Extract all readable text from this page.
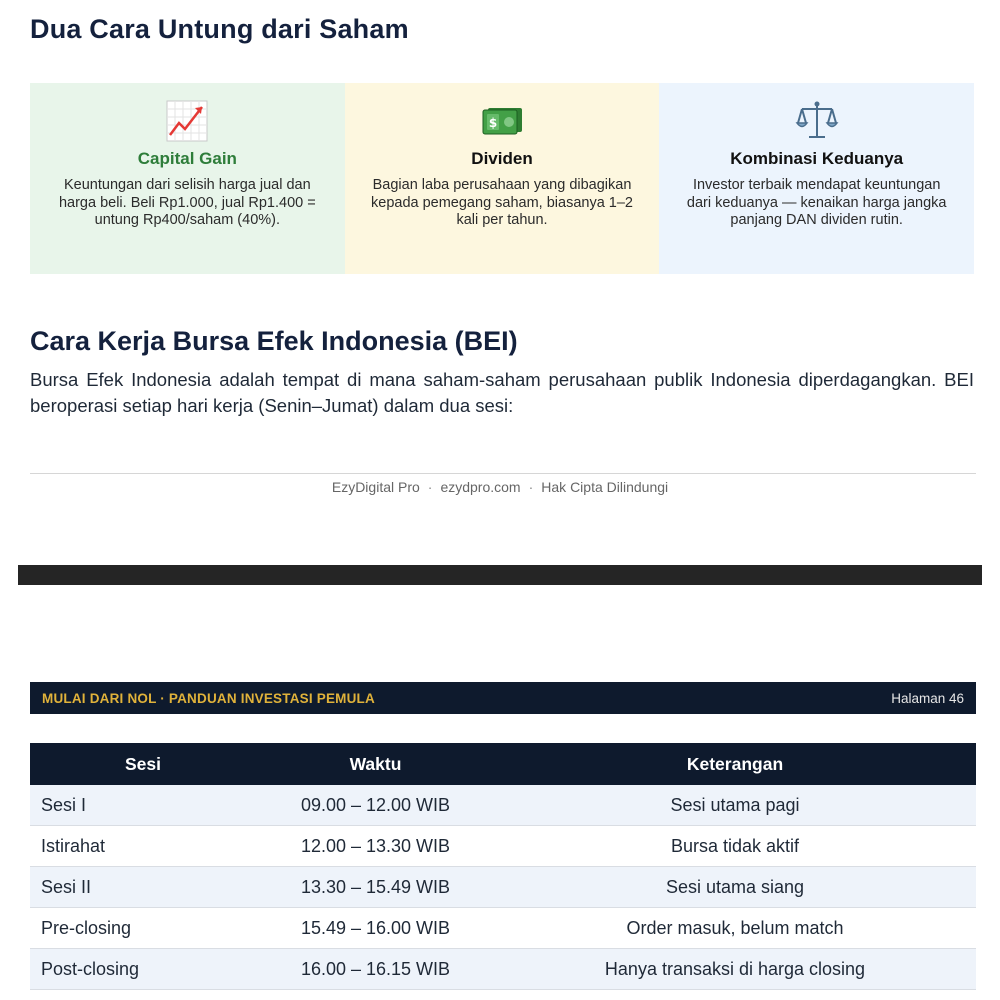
Dua Cara Untung dari Saham
Capital Gain
Keuntungan dari selisih harga jual dan harga beli. Beli Rp1.000, jual Rp1.400 = untung Rp400/saham (40%).
$
Dividen
Bagian laba perusahaan yang dibagikan kepada pemegang saham, biasanya 1–2 kali per tahun.
Kombinasi Keduanya
Investor terbaik mendapat keuntungan dari keduanya — kenaikan harga jangka panjang DAN dividen rutin.
Cara Kerja Bursa Efek Indonesia (BEI)

Bursa Efek Indonesia adalah tempat di mana saham-saham perusahaan publik Indonesia diperdagangkan. BEI beroperasi setiap hari kerja (Senin–Jumat) dalam dua sesi:

EzyDigital Pro · ezydpro.com · Hak Cipta Dilindungi
MULAI DARI NOL · PANDUAN INVESTASI PEMULA	Halaman 46
Sesi	Waktu	Keterangan
Sesi I	09.00 – 12.00 WIB	Sesi utama pagi
Istirahat	12.00 – 13.30 WIB	Bursa tidak aktif
Sesi II	13.30 – 15.49 WIB	Sesi utama siang
Pre-closing	15.49 – 16.00 WIB	Order masuk, belum match
Post-closing	16.00 – 16.15 WIB	Hanya transaksi di harga closing
